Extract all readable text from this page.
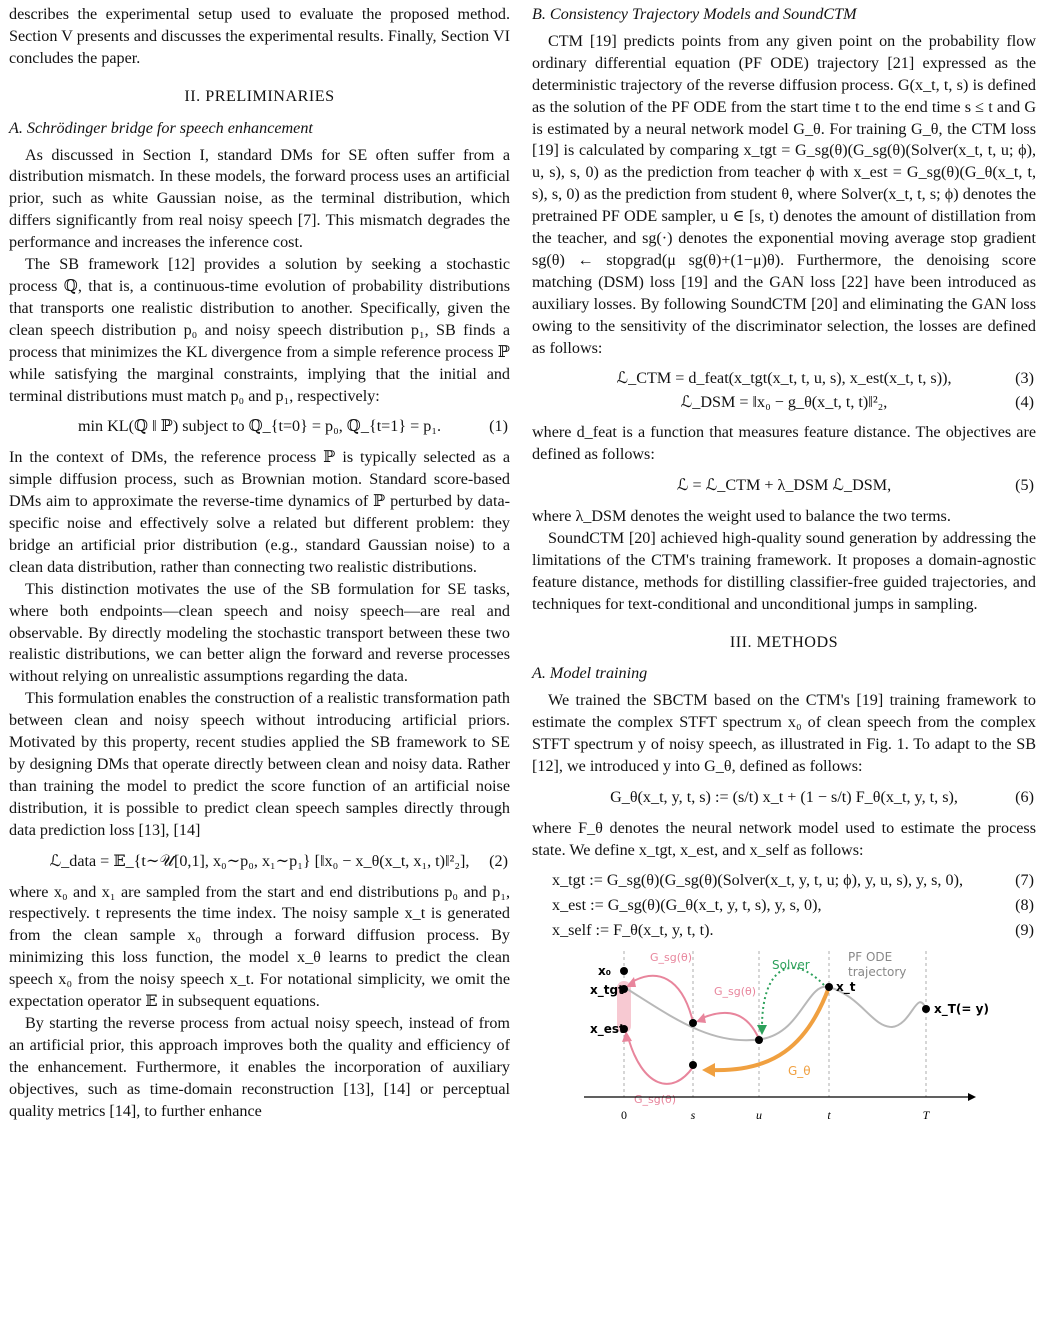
describes the experimental setup used to evaluate the proposed method. Section V presents and discusses the experimental results. Finally, Section VI concludes the paper.

II. PRELIMINARIES
A. Schrödinger bridge for speech enhancement

As discussed in Section I, standard DMs for SE often suffer from a distribution mismatch. In these models, the forward process uses an artificial prior, such as white Gaussian noise, as the terminal distribution, which differs significantly from real noisy speech [7]. This mismatch degrades the performance and increases the inference cost.

The SB framework [12] provides a solution by seeking a stochastic process ℚ, that is, a continuous-time evolution of probability distributions that transports one realistic distribution to another. Specifically, given the clean speech distribution p₀ and noisy speech distribution p₁, SB finds a process that minimizes the KL divergence from a simple reference process ℙ while satisfying the marginal constraints, implying that the initial and terminal distributions must match p₀ and p₁, respectively:

min KL(ℚ ‖ ℙ) subject to ℚ_{t=0} = p₀, ℚ_{t=1} = p₁.	(1)

In the context of DMs, the reference process ℙ is typically selected as a simple diffusion process, such as Brownian motion. Standard score-based DMs aim to approximate the reverse-time dynamics of ℙ perturbed by data-specific noise and effectively solve a related but different problem: they bridge an artificial prior distribution (e.g., standard Gaussian noise) to a clean data distribution, rather than connecting two realistic distributions.

This distinction motivates the use of the SB formulation for SE tasks, where both endpoints—clean speech and noisy speech—are real and observable. By directly modeling the stochastic transport between these two realistic distributions, we can better align the forward and reverse processes without relying on unrealistic assumptions regarding the data.

This formulation enables the construction of a realistic transformation path between clean and noisy speech without introducing artificial priors. Motivated by this property, recent studies applied the SB framework to SE by designing DMs that operate directly between clean and noisy data. Rather than training the model to predict the score function of an artificial noise distribution, it is possible to predict clean speech samples directly through data prediction loss [13], [14]

ℒ_data = 𝔼_{t∼𝒰[0,1], x₀∼p₀, x₁∼p₁} [‖x₀ − x_θ(x_t, x₁, t)‖²₂], (2)

where x₀ and x₁ are sampled from the start and end distributions p₀ and p₁, respectively. t represents the time index. The noisy sample x_t is generated from the clean sample x₀ through a forward diffusion process. By minimizing this loss function, the model x_θ learns to predict the clean speech x₀ from the noisy speech x_t. For notational simplicity, we omit the expectation operator 𝔼 in subsequent equations.

By starting the reverse process from actual noisy speech, instead of from an artificial prior, this approach improves both the quality and efficiency of the enhancement. Furthermore, it enables the incorporation of auxiliary objectives, such as time-domain reconstruction [13], [14] or perceptual quality metrics [14], to further enhance

B. Consistency Trajectory Models and SoundCTM

CTM [19] predicts points from any given point on the probability flow ordinary differential equation (PF ODE) trajectory [21] expressed as the deterministic trajectory of the reverse diffusion process. G(x_t, t, s) is defined as the solution of the PF ODE from the start time t to the end time s ≤ t and G is estimated by a neural network model G_θ. For training G_θ, the CTM loss [19] is calculated by comparing x_tgt = G_sg(θ)(G_sg(θ)(Solver(x_t, t, u; ϕ), u, s), s, 0) as the prediction from teacher ϕ with x_est = G_sg(θ)(G_θ(x_t, t, s), s, 0) as the prediction from student θ, where Solver(x_t, t, s; ϕ) denotes the pretrained PF ODE sampler, u ∈ [s, t) denotes the amount of distillation from the teacher, and sg(·) denotes the exponential moving average stop gradient sg(θ) ← stopgrad(μ sg(θ)+(1−μ)θ). Furthermore, the denoising score matching (DSM) loss [19] and the GAN loss [22] have been introduced as auxiliary losses. By following SoundCTM [20] and eliminating the GAN loss owing to the sensitivity of the discriminator selection, the losses are defined as follows:

ℒ_CTM = d_feat(x_tgt(x_t, t, u, s), x_est(x_t, t, s)),	(3)
ℒ_DSM = ‖x₀ − g_θ(x_t, t, t)‖²₂,	(4)

where d_feat is a function that measures feature distance. The objectives are defined as follows:

ℒ = ℒ_CTM + λ_DSM ℒ_DSM,	(5)

where λ_DSM denotes the weight used to balance the two terms.

SoundCTM [20] achieved high-quality sound generation by addressing the limitations of the CTM's training framework. It proposes a domain-agnostic feature distance, methods for distilling classifier-free guided trajectories, and techniques for text-conditional and unconditional jumps in sampling.

III. METHODS
A. Model training

We trained the SBCTM based on the CTM's [19] training framework to estimate the complex STFT spectrum x₀ of clean speech from the complex STFT spectrum y of noisy speech, as illustrated in Fig. 1. To adapt to the SB [12], we introduced y into G_θ, defined as follows:

G_θ(x_t, y, t, s) := (s/t) x_t + (1 − s/t) F_θ(x_t, y, t, s),	(6)

where F_θ denotes the neural network model used to estimate the process state. We define x_tgt, x_est, and x_self as follows:

x_tgt := G_sg(θ)(G_sg(θ)(Solver(x_t, y, t, u; ϕ), y, u, s), y, s, 0),	(7)
x_est := G_sg(θ)(G_θ(x_t, y, t, s), y, s, 0),	(8)
x_self := F_θ(x_t, y, t, t).	(9)
x₀
x_tgt
x_est
x_t
x_T(= y)
G_sg(θ)
G_sg(θ)
G_sg(θ)
Solver
G_θ
PF ODE
trajectory
0	s	u	t	T
